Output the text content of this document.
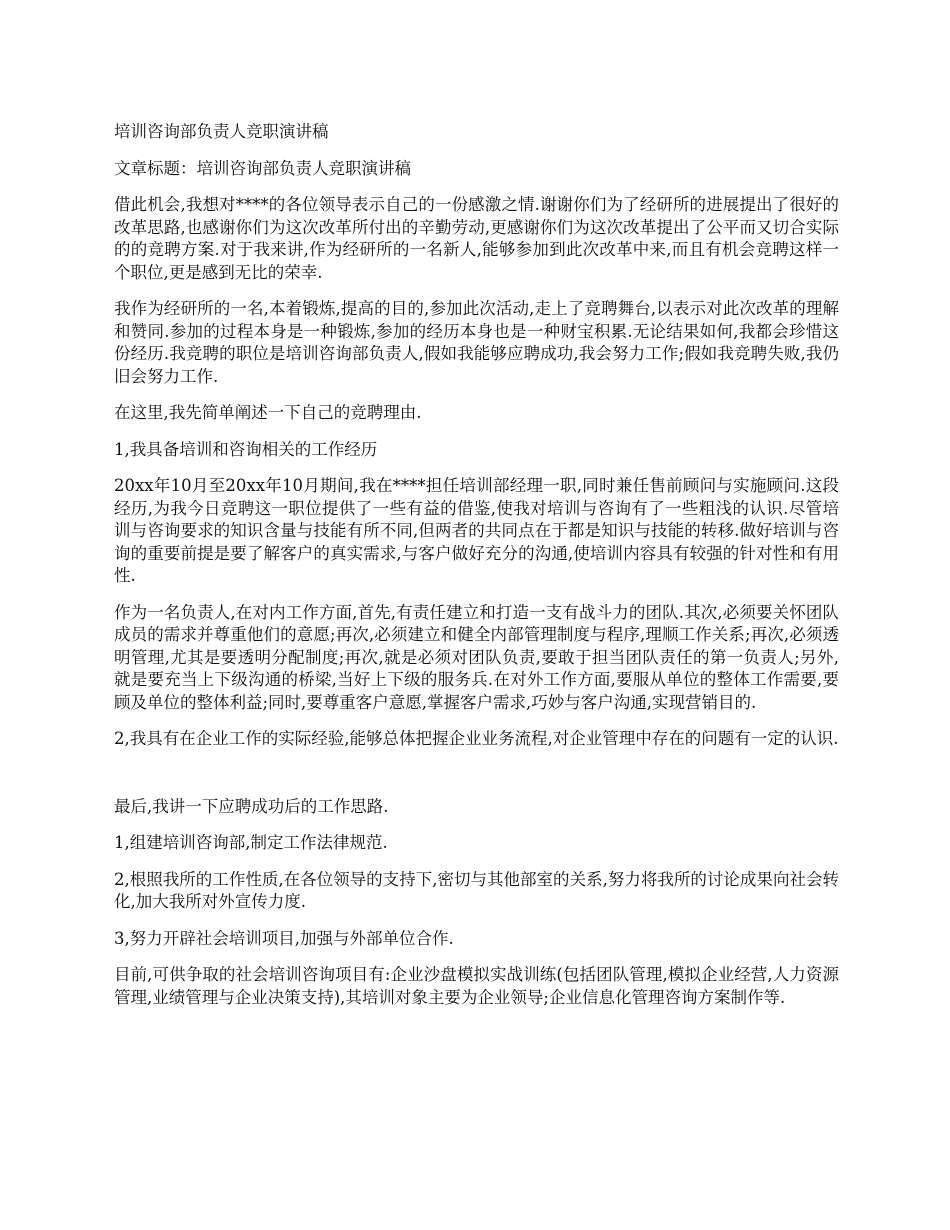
培训咨询部负责人竞职演讲稿

文章标题：培训咨询部负责人竞职演讲稿

借此机会,我想对****的各位领导表示自己的一份感激之情.谢谢你们为了经研所的进展提出了很好的改革思路,也感谢你们为这次改革所付出的辛勤劳动,更感谢你们为这次改革提出了公平而又切合实际的的竞聘方案.对于我来讲,作为经研所的一名新人,能够参加到此次改革中来,而且有机会竞聘这样一个职位,更是感到无比的荣幸.

我作为经研所的一名,本着锻炼,提高的目的,参加此次活动,走上了竞聘舞台,以表示对此次改革的理解和赞同.参加的过程本身是一种锻炼,参加的经历本身也是一种财宝积累.无论结果如何,我都会珍惜这份经历.我竞聘的职位是培训咨询部负责人,假如我能够应聘成功,我会努力工作;假如我竞聘失败,我仍旧会努力工作.

在这里,我先简单阐述一下自己的竞聘理由.

1,我具备培训和咨询相关的工作经历

20xx年10月至20xx年10月期间,我在****担任培训部经理一职,同时兼任售前顾问与实施顾问.这段经历,为我今日竞聘这一职位提供了一些有益的借鉴,使我对培训与咨询有了一些粗浅的认识.尽管培训与咨询要求的知识含量与技能有所不同,但两者的共同点在于都是知识与技能的转移.做好培训与咨询的重要前提是要了解客户的真实需求,与客户做好充分的沟通,使培训内容具有较强的针对性和有用性.

作为一名负责人,在对内工作方面,首先,有责任建立和打造一支有战斗力的团队.其次,必须要关怀团队成员的需求并尊重他们的意愿;再次,必须建立和健全内部管理制度与程序,理顺工作关系;再次,必须透明管理,尤其是要透明分配制度;再次,就是必须对团队负责,要敢于担当团队责任的第一负责人;另外,就是要充当上下级沟通的桥梁,当好上下级的服务兵.在对外工作方面,要服从单位的整体工作需要,要顾及单位的整体利益;同时,要尊重客户意愿,掌握客户需求,巧妙与客户沟通,实现营销目的.

2,我具有在企业工作的实际经验,能够总体把握企业业务流程,对企业管理中存在的问题有一定的认识.

最后,我讲一下应聘成功后的工作思路.

1,组建培训咨询部,制定工作法律规范.

2,根照我所的工作性质,在各位领导的支持下,密切与其他部室的关系,努力将我所的讨论成果向社会转化,加大我所对外宣传力度.

3,努力开辟社会培训项目,加强与外部单位合作.

目前,可供争取的社会培训咨询项目有:企业沙盘模拟实战训练(包括团队管理,模拟企业经营,人力资源管理,业绩管理与企业决策支持),其培训对象主要为企业领导;企业信息化管理咨询方案制作等.
